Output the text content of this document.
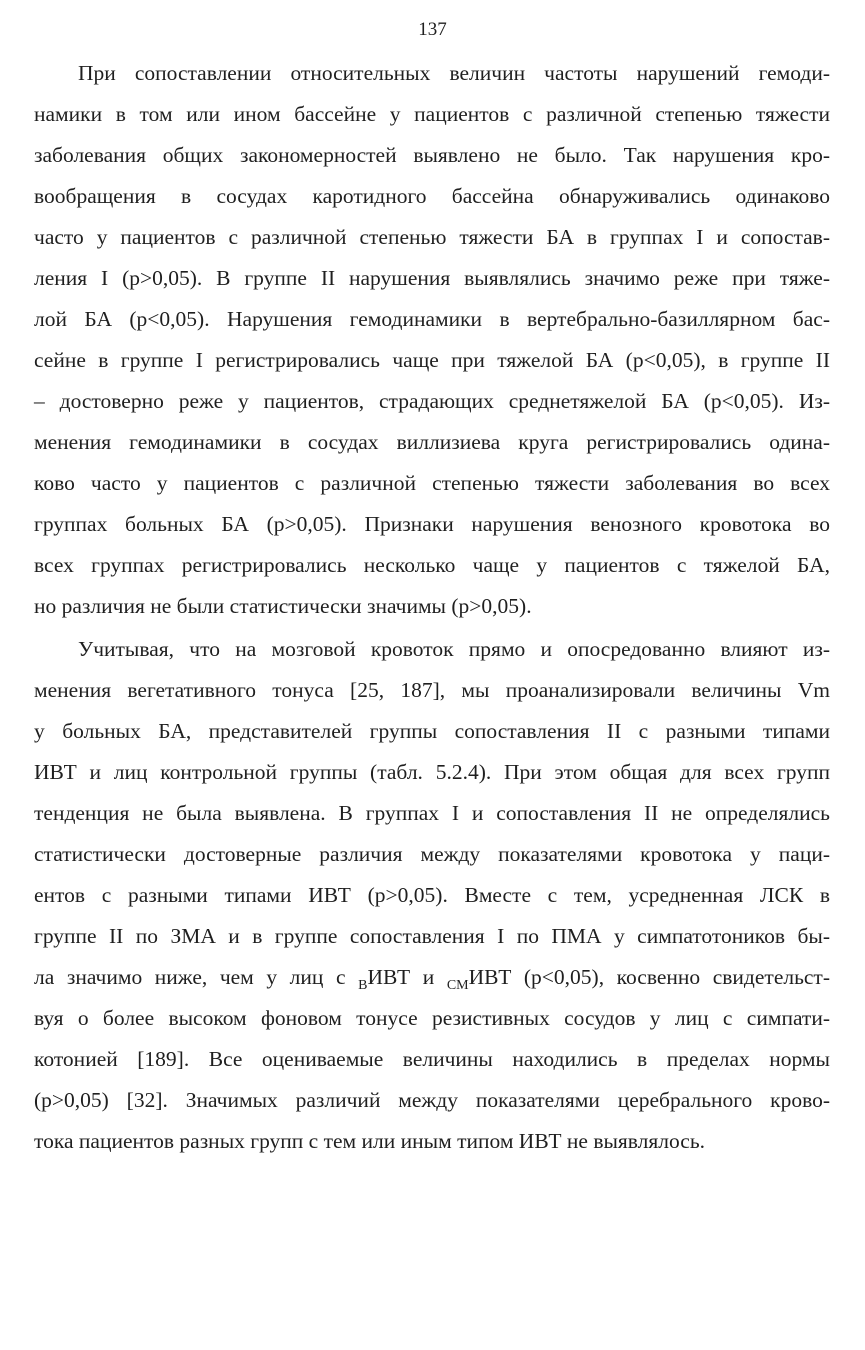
137
При сопоставлении относительных величин частоты нарушений гемоди-
намики в том или ином бассейне у пациентов с различной степенью тяжести
заболевания общих закономерностей выявлено не было. Так нарушения кро-
вообращения в сосудах каротидного бассейна обнаруживались одинаково
часто у пациентов с различной степенью тяжести БА в группах I и сопостав-
ления I (р>0,05). В группе II нарушения выявлялись значимо реже при тяже-
лой БА (р<0,05). Нарушения гемодинамики в вертебрально-базиллярном бас-
сейне в группе I регистрировались чаще при тяжелой БА (р<0,05), в группе II
– достоверно реже у пациентов, страдающих среднетяжелой БА (р<0,05). Из-
менения гемодинамики в сосудах виллизиева круга регистрировались одина-
ково часто у пациентов с различной степенью тяжести заболевания во всех
группах больных БА (р>0,05). Признаки нарушения венозного кровотока во
всех группах регистрировались несколько чаще у пациентов с тяжелой БА,
но различия не были статистически значимы (р>0,05).
Учитывая, что на мозговой кровоток прямо и опосредованно влияют из-
менения вегетативного тонуса [25, 187], мы проанализировали величины Vm
у больных БА, представителей группы сопоставления II с разными типами
ИВТ и лиц контрольной группы (табл. 5.2.4). При этом общая для всех групп
тенденция не была выявлена. В группах I и сопоставления II не определялись
статистически достоверные различия между показателями кровотока у паци-
ентов с разными типами ИВТ (р>0,05). Вместе с тем, усредненная ЛСК в
группе II по ЗМА и в группе сопоставления I по ПМА у симпатотоников бы-
ла значимо ниже, чем у лиц с $_В$ИВТ и $_{СМ}$ИВТ (р<0,05), косвенно свидетельст-
вуя о более высоком фоновом тонусе резистивных сосудов у лиц с симпати-
котонией [189]. Все оцениваемые величины находились в пределах нормы
(р>0,05) [32]. Значимых различий между показателями церебрального крово-
тока пациентов разных групп с тем или иным типом ИВТ не выявлялось.
